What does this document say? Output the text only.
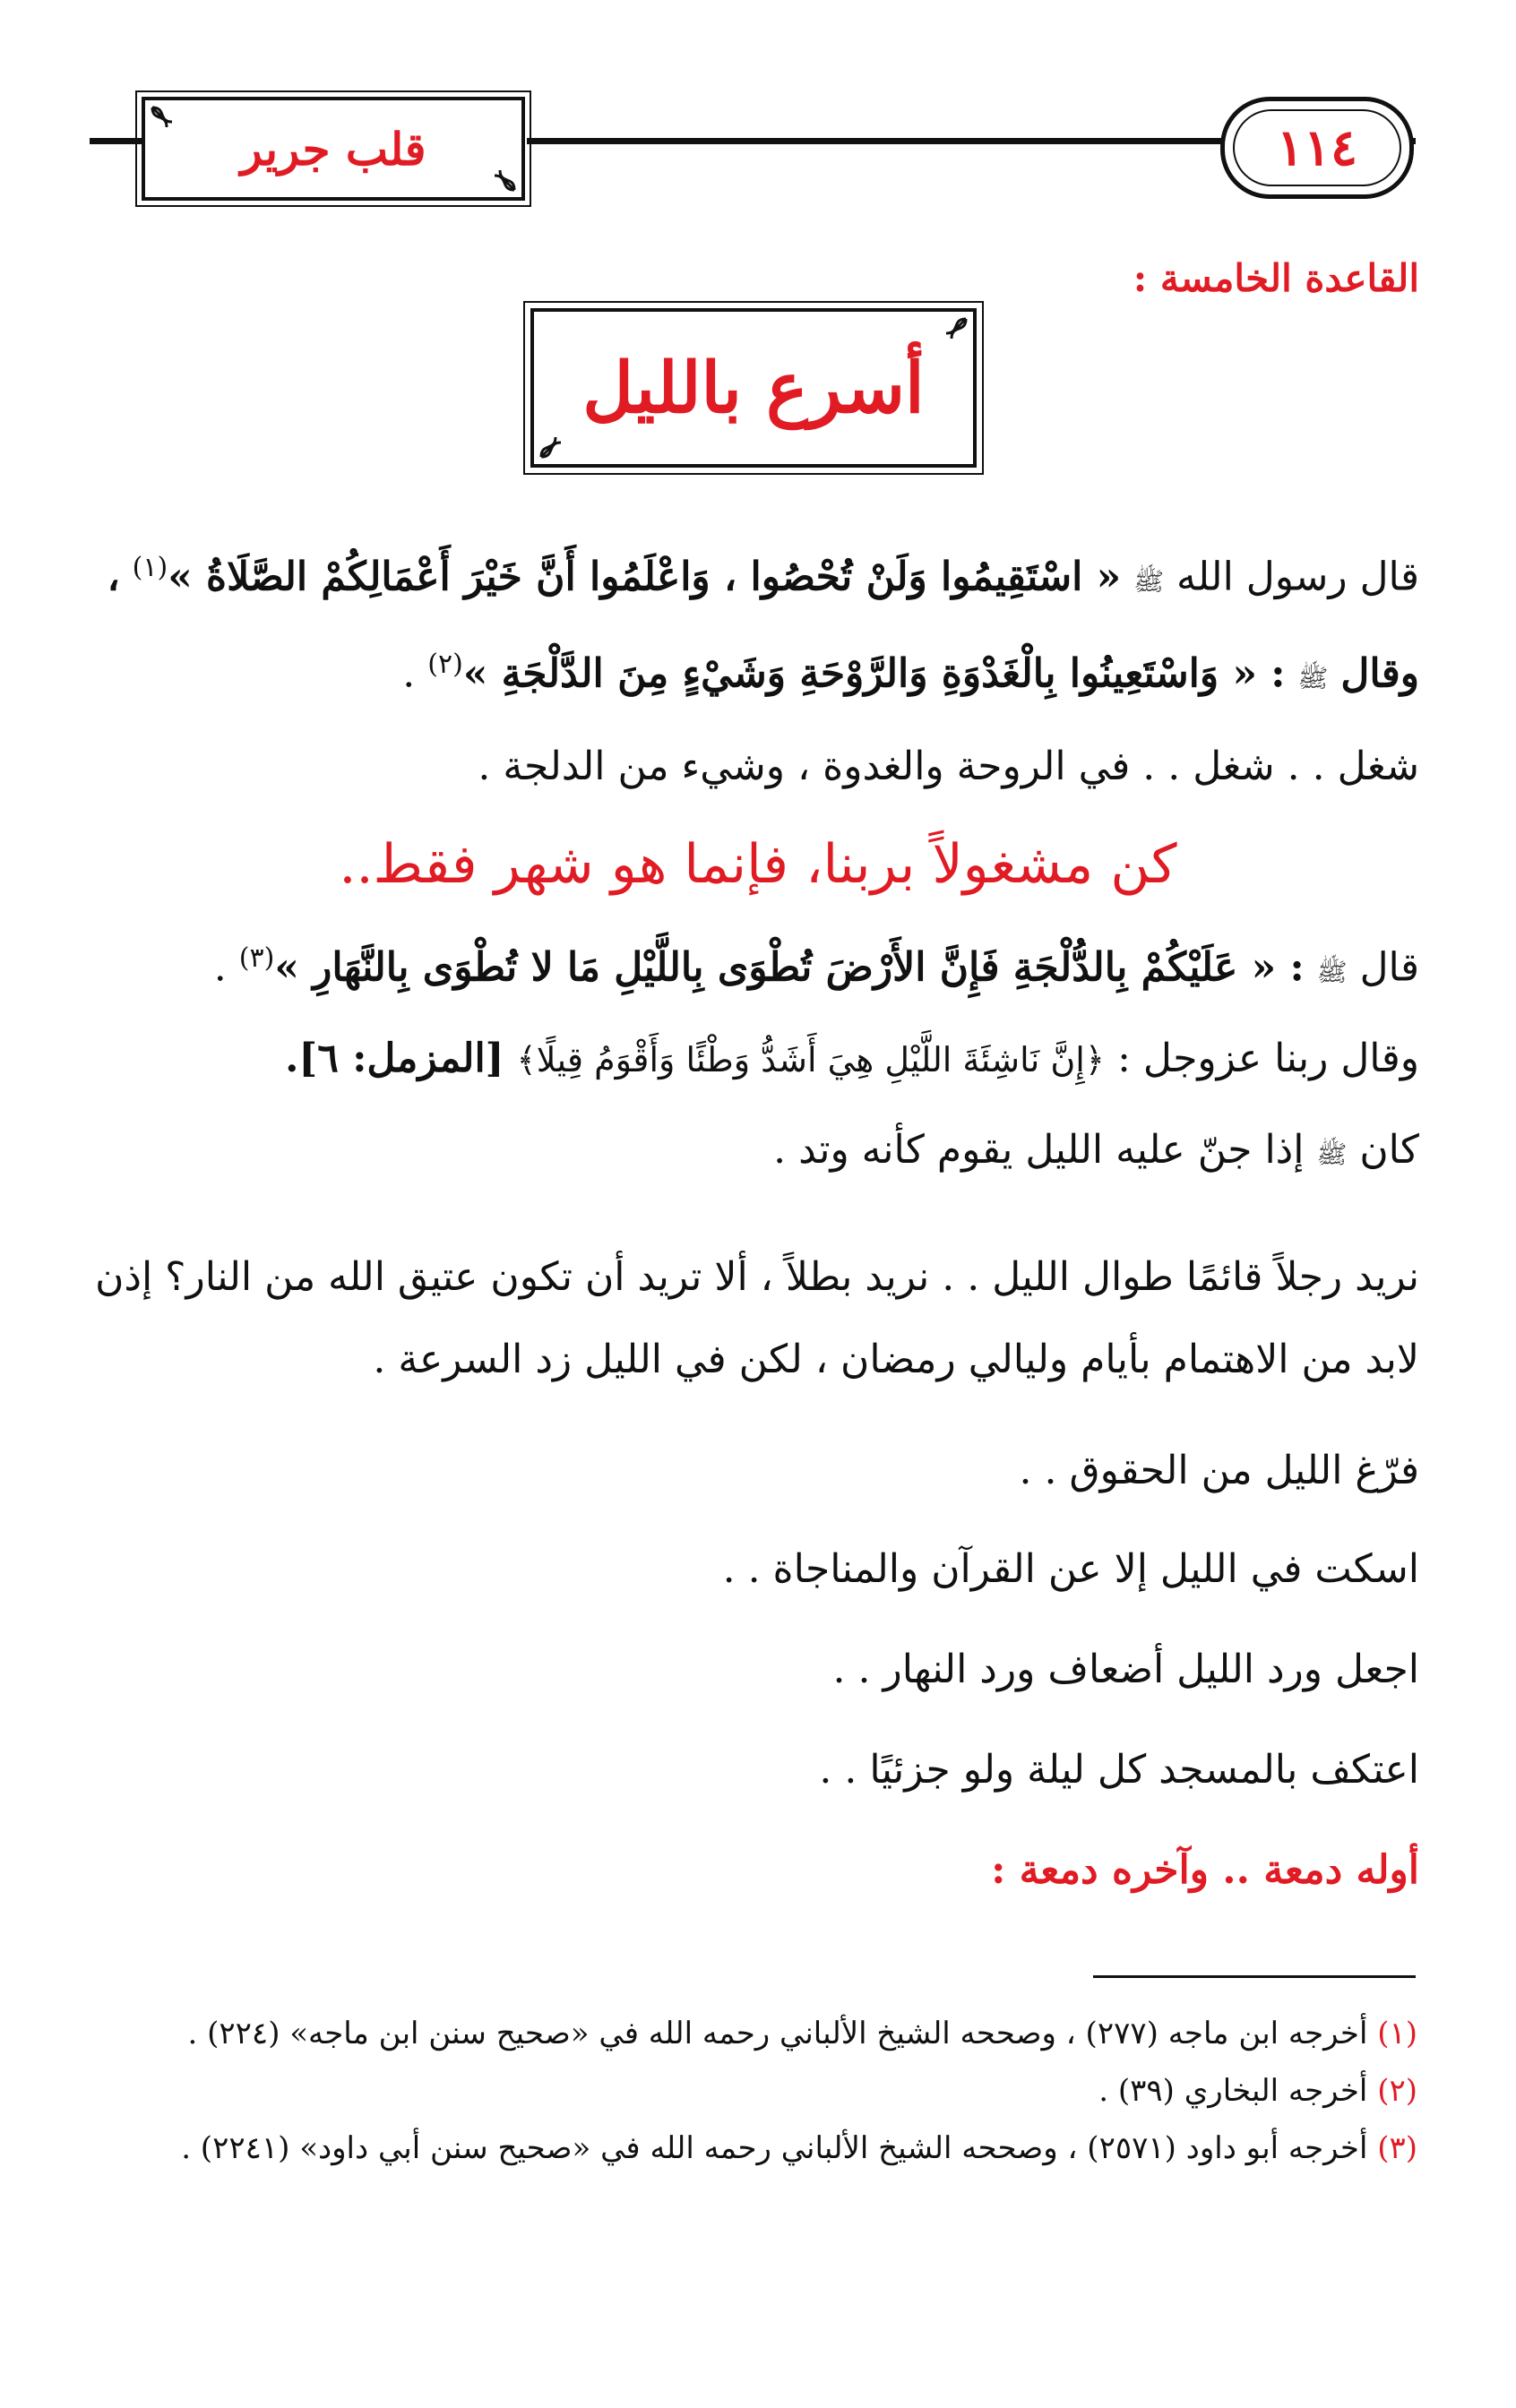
قلب جرير	١١٤
القاعدة الخامسة :
أسرع بالليل
قال رسول الله ﷺ « اسْتَقِيمُوا وَلَنْ تُحْصُوا ، وَاعْلَمُوا أَنَّ خَيْرَ أَعْمَالِكُمْ الصَّلَاةُ »$^{(١)}$ ، وقال ﷺ : « وَاسْتَعِينُوا بِالْغَدْوَةِ وَالرَّوْحَةِ وَشَيْءٍ مِنَ الدَّلْجَةِ »$^{(٢)}$ .
شغل . . شغل . . في الروحة والغدوة ، وشيء من الدلجة .
كن مشغولاً بربنا، فإنما هو شهر فقط..
قال ﷺ : « عَلَيْكُمْ بِالدُّلْجَةِ فَإِنَّ الأَرْضَ تُطْوَى بِاللَّيْلِ مَا لا تُطْوَى بِالنَّهَارِ »$^{(٣)}$ .
وقال ربنا عزوجل : ﴿إِنَّ نَاشِئَةَ اللَّيْلِ هِيَ أَشَدُّ وَطْئًا وَأَقْوَمُ قِيلًا﴾ [المزمل: ٦].
كان ﷺ إذا جنّ عليه الليل يقوم كأنه وتد .
نريد رجلاً قائمًا طوال الليل . . نريد بطلاً ، ألا تريد أن تكون عتيق الله من النار؟ إذن لابد من الاهتمام بأيام وليالي رمضان ، لكن في الليل زد السرعة .
فرّغ الليل من الحقوق . .
اسكت في الليل إلا عن القرآن والمناجاة . .
اجعل ورد الليل أضعاف ورد النهار . .
اعتكف بالمسجد كل ليلة ولو جزئيًا . .
أوله دمعة .. وآخره دمعة :
(١) أخرجه ابن ماجه (٢٧٧) ، وصححه الشيخ الألباني رحمه الله في «صحيح سنن ابن ماجه» (٢٢٤) .
(٢) أخرجه البخاري (٣٩) .
(٣) أخرجه أبو داود (٢٥٧١) ، وصححه الشيخ الألباني رحمه الله في «صحيح سنن أبي داود» (٢٢٤١) .
